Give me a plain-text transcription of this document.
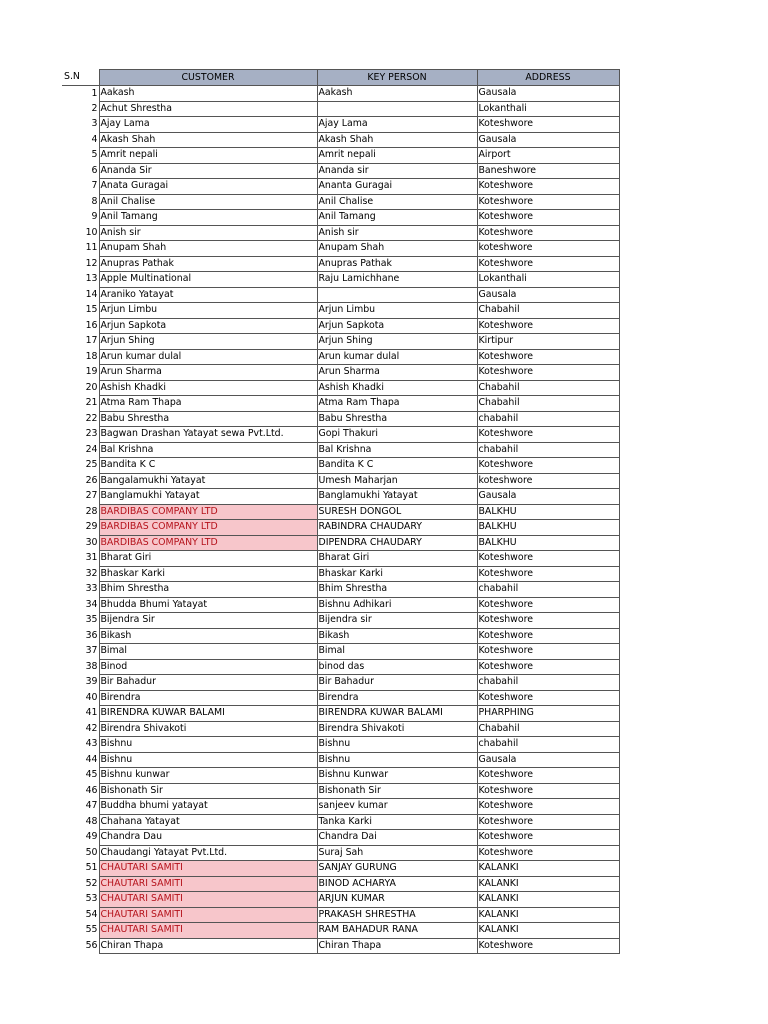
S.N	CUSTOMER	KEY PERSON	ADDRESS
1	Aakash	Aakash	Gausala
2	Achut Shrestha		Lokanthali
3	Ajay Lama	Ajay Lama	Koteshwore
4	Akash Shah	Akash Shah	Gausala
5	Amrit nepali	Amrit nepali	Airport
6	Ananda Sir	Ananda sir	Baneshwore
7	Anata Guragai	Ananta Guragai	Koteshwore
8	Anil Chalise	Anil Chalise	Koteshwore
9	Anil Tamang	Anil Tamang	Koteshwore
10	Anish sir	Anish sir	Koteshwore
11	Anupam Shah	Anupam Shah	koteshwore
12	Anupras Pathak	Anupras Pathak	Koteshwore
13	Apple Multinational	Raju Lamichhane	Lokanthali
14	Araniko Yatayat		Gausala
15	Arjun Limbu	Arjun Limbu	Chabahil
16	Arjun Sapkota	Arjun Sapkota	Koteshwore
17	Arjun Shing	Arjun Shing	Kirtipur
18	Arun kumar dulal	Arun kumar dulal	Koteshwore
19	Arun Sharma	Arun Sharma	Koteshwore
20	Ashish Khadki	Ashish Khadki	Chabahil
21	Atma Ram Thapa	Atma Ram Thapa	Chabahil
22	Babu Shrestha	Babu Shrestha	chabahil
23	Bagwan Drashan Yatayat sewa Pvt.Ltd.	Gopi Thakuri	Koteshwore
24	Bal Krishna	Bal Krishna	chabahil
25	Bandita K C	Bandita K C	Koteshwore
26	Bangalamukhi Yatayat	Umesh Maharjan	koteshwore
27	Banglamukhi Yatayat	Banglamukhi Yatayat	Gausala
28	BARDIBAS COMPANY LTD	SURESH DONGOL	BALKHU
29	BARDIBAS COMPANY LTD	RABINDRA CHAUDARY	BALKHU
30	BARDIBAS COMPANY LTD	DIPENDRA CHAUDARY	BALKHU
31	Bharat Giri	Bharat Giri	Koteshwore
32	Bhaskar Karki	Bhaskar Karki	Koteshwore
33	Bhim Shrestha	Bhim Shrestha	chabahil
34	Bhudda Bhumi Yatayat	Bishnu Adhikari	Koteshwore
35	Bijendra Sir	Bijendra sir	Koteshwore
36	Bikash	Bikash	Koteshwore
37	Bimal	Bimal	Koteshwore
38	Binod	binod das	Koteshwore
39	Bir Bahadur	Bir Bahadur	chabahil
40	Birendra	Birendra	Koteshwore
41	BIRENDRA KUWAR BALAMI	BIRENDRA KUWAR BALAMI	PHARPHING
42	Birendra Shivakoti	Birendra Shivakoti	Chabahil
43	Bishnu	Bishnu	chabahil
44	Bishnu	Bishnu	Gausala
45	Bishnu kunwar	Bishnu Kunwar	Koteshwore
46	Bishonath Sir	Bishonath Sir	Koteshwore
47	Buddha bhumi yatayat	sanjeev kumar	Koteshwore
48	Chahana Yatayat	Tanka Karki	Koteshwore
49	Chandra Dau	Chandra Dai	Koteshwore
50	Chaudangi Yatayat Pvt.Ltd.	Suraj Sah	Koteshwore
51	CHAUTARI SAMITI	SANJAY GURUNG	KALANKI
52	CHAUTARI SAMITI	BINOD ACHARYA	KALANKI
53	CHAUTARI SAMITI	ARJUN KUMAR	KALANKI
54	CHAUTARI SAMITI	PRAKASH SHRESTHA	KALANKI
55	CHAUTARI SAMITI	RAM BAHADUR RANA	KALANKI
56	Chiran Thapa	Chiran Thapa	Koteshwore
